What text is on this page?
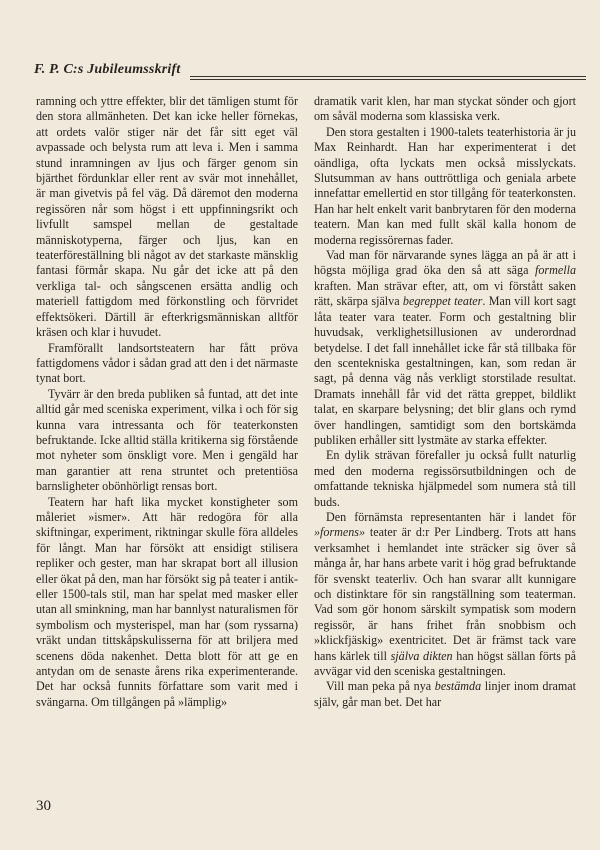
F. P. C:s Jubileumsskrift

ramning och yttre effekter, blir det tämligen stumt för den stora allmänheten. Det kan icke heller förnekas, att ordets valör stiger när det får sitt eget väl avpassade och belysta rum att leva i. Men i samma stund inramningen av ljus och färger genom sin bjärthet fördunklar eller rent av svär mot innehållet, är man givetvis på fel väg. Då däremot den moderna regissören når som högst i ett uppfinningsrikt och livfullt samspel mellan de gestaltade människotyperna, färger och ljus, kan en teaterföreställning bli något av det starkaste mänsklig fantasi förmår skapa. Nu går det icke att på den verkliga tal- och sångscenen ersätta andlig och materiell fattigdom med förkonstling och förvridet effektsökeri. Därtill är efterkrigsmänniskan alltför kräsen och klar i huvudet.

Framförallt landsortsteatern har fått pröva fattigdomens vådor i sådan grad att den i det närmaste tynat bort.

Tyvärr är den breda publiken så funtad, att det inte alltid går med sceniska experiment, vilka i och för sig kunna vara intressanta och för teaterkonsten befruktande. Icke alltid ställa kritikerna sig förstående mot nyheter som önskligt vore. Men i gengäld har man garantier att rena struntet och pretentiösa barnsligheter obönhörligt rensas bort.

Teatern har haft lika mycket konstigheter som måleriet »ismer». Att här redogöra för alla skiftningar, experiment, riktningar skulle föra alldeles för långt. Man har försökt att ensidigt stilisera repliker och gester, man har skrapat bort all illusion eller ökat på den, man har försökt sig på teater i antik- eller 1500-tals stil, man har spelat med masker eller utan all sminkning, man har bannlyst naturalismen för symbolism och mysterispel, man har (som ryssarna) vräkt undan tittskåpskulisserna för att briljera med scenens döda nakenhet. Detta blott för att ge en antydan om de senaste årens rika experimenterande. Det har också funnits författare som varit med i svängarna. Om tillgången på »lämplig»

dramatik varit klen, har man styckat sönder och gjort om såväl moderna som klassiska verk.

Den stora gestalten i 1900-talets teaterhistoria är ju Max Reinhardt. Han har experimenterat i det oändliga, ofta lyckats men också misslyckats. Slutsumman av hans outtröttliga och geniala arbete innefattar emellertid en stor tillgång för teaterkonsten. Han har helt enkelt varit banbrytaren för den moderna teatern. Man kan med fullt skäl kalla honom de moderna regissörernas fader.

Vad man för närvarande synes lägga an på är att i högsta möjliga grad öka den så att säga formella kraften. Man strävar efter, att, om vi förstått saken rätt, skärpa själva begreppet teater. Man vill kort sagt låta teater vara teater. Form och gestaltning blir huvudsak, verklighetsillusionen av underordnad betydelse. I det fall innehållet icke får stå tillbaka för den scentekniska gestaltningen, kan, som redan är sagt, på denna väg nås verkligt storstilade resultat. Dramats innehåll får vid det rätta greppet, bildlikt talat, en skarpare belysning; det blir glans och rymd över handlingen, samtidigt som den bortskämda publiken erhåller sitt lystmäte av starka effekter.

En dylik strävan förefaller ju också fullt naturlig med den moderna regissörsutbildningen och de omfattande tekniska hjälpmedel som numera stå till buds.

Den förnämsta representanten här i landet för »formens» teater är d:r Per Lindberg. Trots att hans verksamhet i hemlandet inte sträcker sig över så många år, har hans arbete varit i hög grad befruktande för svenskt teaterliv. Och han svarar allt kunnigare och distinktare för sin rangställning som teaterman. Vad som gör honom särskilt sympatisk som modern regissör, är hans frihet från snobbism och »klickfjäskig» exentricitet. Det är främst tack vare hans kärlek till själva dikten han högst sällan förts på avvägar vid den sceniska gestaltningen.

Vill man peka på nya bestämda linjer inom dramat själv, går man bet. Det har

30
